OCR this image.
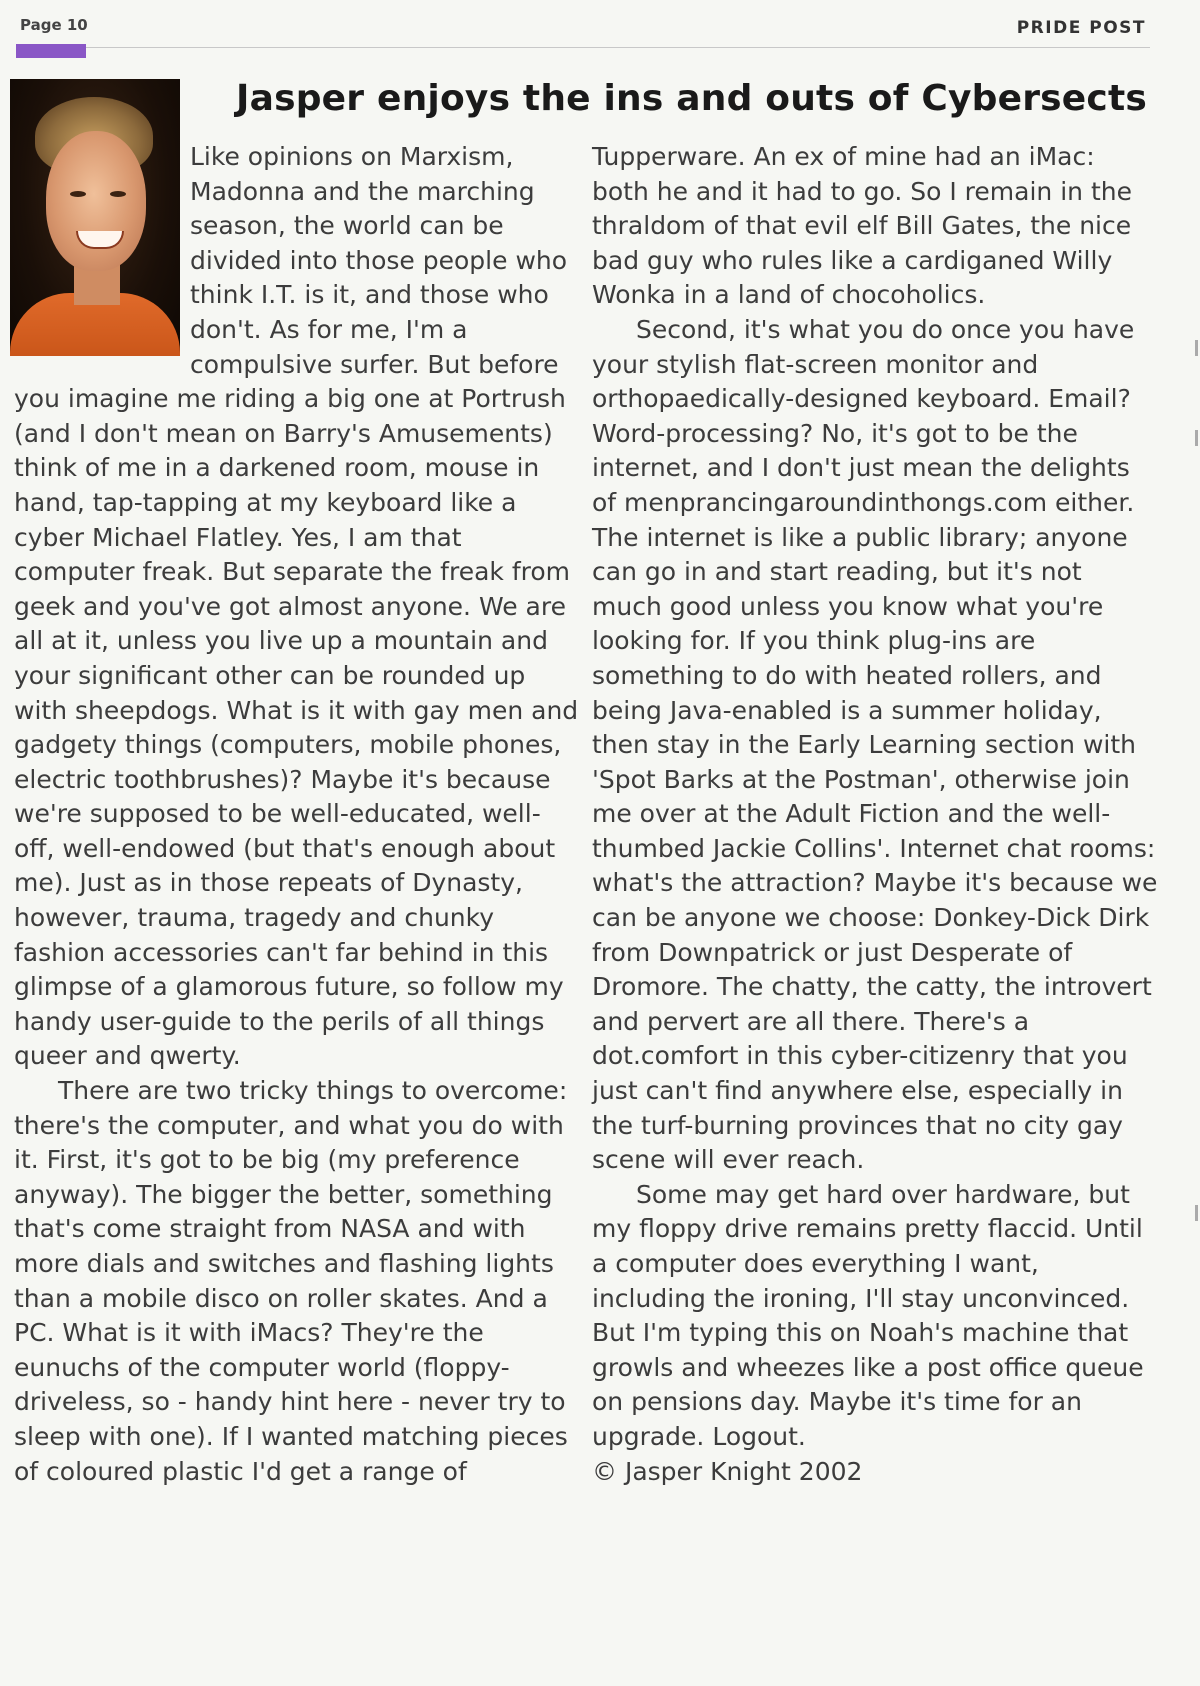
Page 10	PRIDE POST
Jasper enjoys the ins and outs of Cybersects

Like opinions on Marxism, Madonna and the marching season, the world can be divided into those people who think I.T. is it, and those who don't. As for me, I'm a compulsive surfer. But before you imagine me riding a big one at Portrush (and I don't mean on Barry's Amusements) think of me in a darkened room, mouse in hand, tap-tapping at my keyboard like a cyber Michael Flatley. Yes, I am that computer freak. But separate the freak from geek and you've got almost anyone. We are all at it, unless you live up a mountain and your significant other can be rounded up with sheepdogs. What is it with gay men and gadgety things (computers, mobile phones, electric toothbrushes)? Maybe it's because we're supposed to be well-educated, well-off, well-endowed (but that's enough about me). Just as in those repeats of Dynasty, however, trauma, tragedy and chunky fashion accessories can't far behind in this glimpse of a glamorous future, so follow my handy user-guide to the perils of all things queer and qwerty.

There are two tricky things to overcome: there's the computer, and what you do with it. First, it's got to be big (my preference anyway). The bigger the better, something that's come straight from NASA and with more dials and switches and flashing lights than a mobile disco on roller skates. And a PC. What is it with iMacs? They're the eunuchs of the computer world (floppy-driveless, so - handy hint here - never try to sleep with one). If I wanted matching pieces of coloured plastic I'd get a range of

Tupperware. An ex of mine had an iMac: both he and it had to go. So I remain in the thraldom of that evil elf Bill Gates, the nice bad guy who rules like a cardiganed Willy Wonka in a land of chocoholics.

Second, it's what you do once you have your stylish flat-screen monitor and orthopaedically-designed keyboard. Email? Word-processing? No, it's got to be the internet, and I don't just mean the delights of menprancingaroundinthongs.com either. The internet is like a public library; anyone can go in and start reading, but it's not much good unless you know what you're looking for. If you think plug-ins are something to do with heated rollers, and being Java-enabled is a summer holiday, then stay in the Early Learning section with 'Spot Barks at the Postman', otherwise join me over at the Adult Fiction and the well-thumbed Jackie Collins'. Internet chat rooms: what's the attraction? Maybe it's because we can be anyone we choose: Donkey-Dick Dirk from Downpatrick or just Desperate of Dromore. The chatty, the catty, the introvert and pervert are all there. There's a dot.comfort in this cyber-citizenry that you just can't find anywhere else, especially in the turf-burning provinces that no city gay scene will ever reach.

Some may get hard over hardware, but my floppy drive remains pretty flaccid. Until a computer does everything I want, including the ironing, I'll stay unconvinced. But I'm typing this on Noah's machine that growls and wheezes like a post office queue on pensions day. Maybe it's time for an upgrade. Logout.

© Jasper Knight 2002
